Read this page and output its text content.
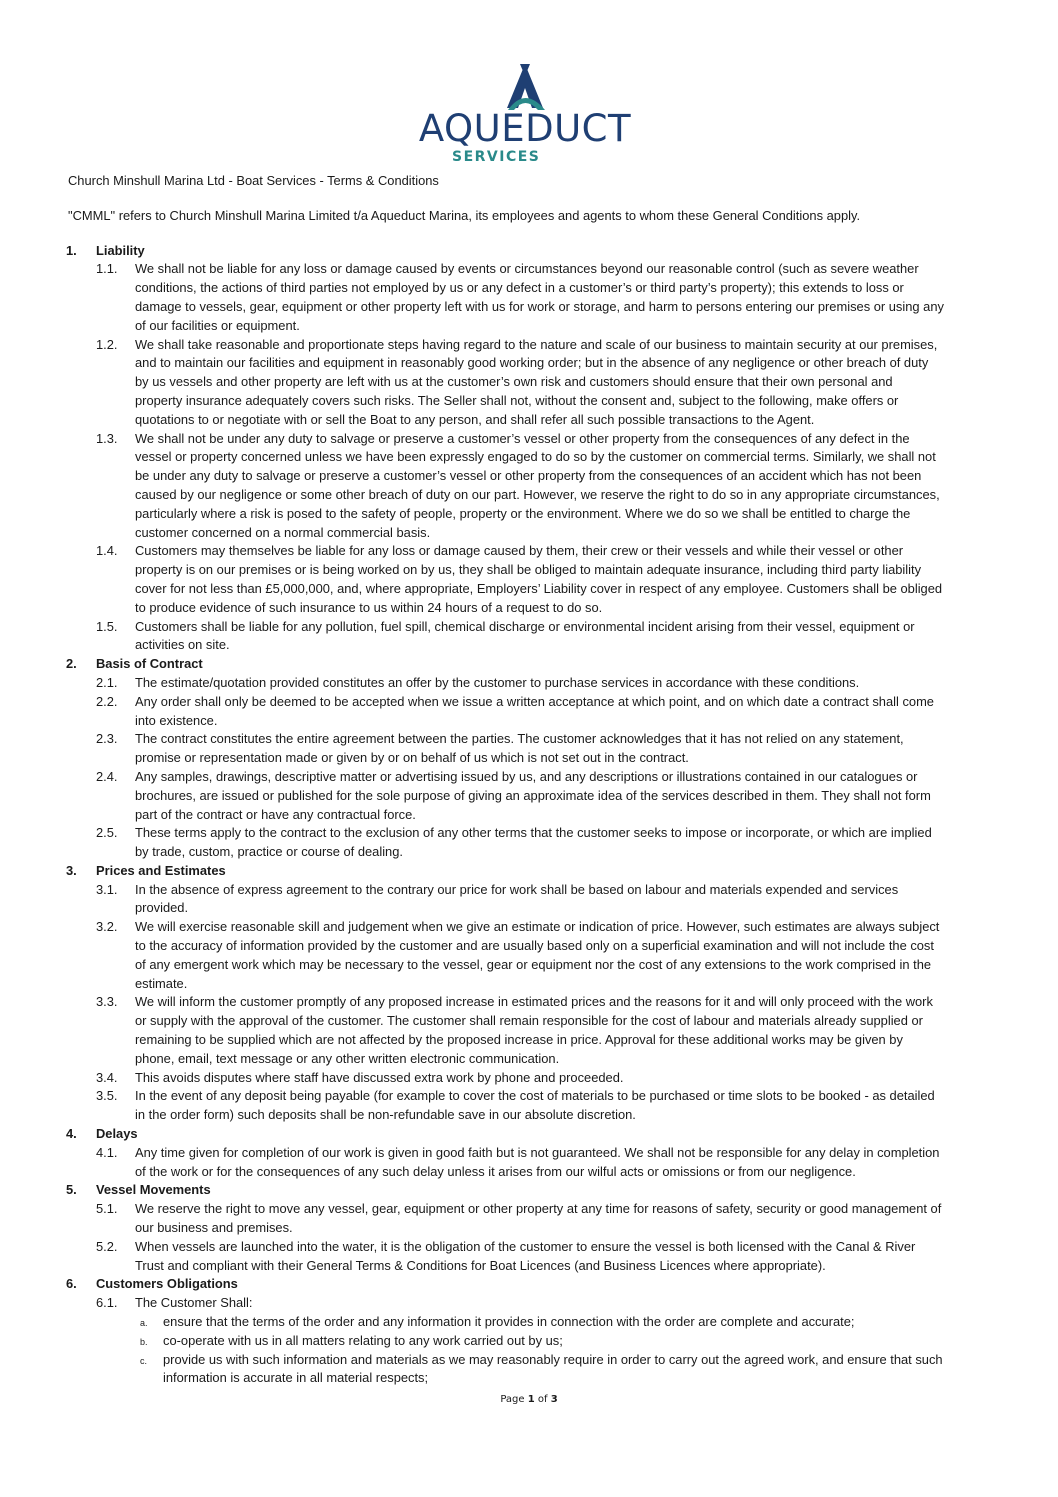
AQUEDUCT
SERVICES

Church Minshull Marina Ltd - Boat Services - Terms & Conditions

"CMML" refers to Church Minshull Marina Limited t/a Aqueduct Marina, its employees and agents to whom these General Conditions apply.

1. Liability
1.1. We shall not be liable for any loss or damage caused by events or circumstances beyond our reasonable control (such as severe weather
conditions, the actions of third parties not employed by us or any defect in a customer’s or third party’s property); this extends to loss or
damage to vessels, gear, equipment or other property left with us for work or storage, and harm to persons entering our premises or using any
of our facilities or equipment.
1.2. We shall take reasonable and proportionate steps having regard to the nature and scale of our business to maintain security at our premises,
and to maintain our facilities and equipment in reasonably good working order; but in the absence of any negligence or other breach of duty
by us vessels and other property are left with us at the customer’s own risk and customers should ensure that their own personal and
property insurance adequately covers such risks. The Seller shall not, without the consent and, subject to the following, make offers or
quotations to or negotiate with or sell the Boat to any person, and shall refer all such possible transactions to the Agent.
1.3. We shall not be under any duty to salvage or preserve a customer’s vessel or other property from the consequences of any defect in the
vessel or property concerned unless we have been expressly engaged to do so by the customer on commercial terms. Similarly, we shall not
be under any duty to salvage or preserve a customer’s vessel or other property from the consequences of an accident which has not been
caused by our negligence or some other breach of duty on our part. However, we reserve the right to do so in any appropriate circumstances,
particularly where a risk is posed to the safety of people, property or the environment. Where we do so we shall be entitled to charge the
customer concerned on a normal commercial basis.
1.4. Customers may themselves be liable for any loss or damage caused by them, their crew or their vessels and while their vessel or other
property is on our premises or is being worked on by us, they shall be obliged to maintain adequate insurance, including third party liability
cover for not less than £5,000,000, and, where appropriate, Employers’ Liability cover in respect of any employee. Customers shall be obliged
to produce evidence of such insurance to us within 24 hours of a request to do so.
1.5. Customers shall be liable for any pollution, fuel spill, chemical discharge or environmental incident arising from their vessel, equipment or
activities on site.
2. Basis of Contract
2.1. The estimate/quotation provided constitutes an offer by the customer to purchase services in accordance with these conditions.
2.2. Any order shall only be deemed to be accepted when we issue a written acceptance at which point, and on which date a contract shall come
into existence.
2.3. The contract constitutes the entire agreement between the parties. The customer acknowledges that it has not relied on any statement,
promise or representation made or given by or on behalf of us which is not set out in the contract.
2.4. Any samples, drawings, descriptive matter or advertising issued by us, and any descriptions or illustrations contained in our catalogues or
brochures, are issued or published for the sole purpose of giving an approximate idea of the services described in them. They shall not form
part of the contract or have any contractual force.
2.5. These terms apply to the contract to the exclusion of any other terms that the customer seeks to impose or incorporate, or which are implied
by trade, custom, practice or course of dealing.
3. Prices and Estimates
3.1. In the absence of express agreement to the contrary our price for work shall be based on labour and materials expended and services
provided.
3.2. We will exercise reasonable skill and judgement when we give an estimate or indication of price. However, such estimates are always subject
to the accuracy of information provided by the customer and are usually based only on a superficial examination and will not include the cost
of any emergent work which may be necessary to the vessel, gear or equipment nor the cost of any extensions to the work comprised in the
estimate.
3.3. We will inform the customer promptly of any proposed increase in estimated prices and the reasons for it and will only proceed with the work
or supply with the approval of the customer. The customer shall remain responsible for the cost of labour and materials already supplied or
remaining to be supplied which are not affected by the proposed increase in price. Approval for these additional works may be given by
phone, email, text message or any other written electronic communication.
3.4. This avoids disputes where staff have discussed extra work by phone and proceeded.
3.5. In the event of any deposit being payable (for example to cover the cost of materials to be purchased or time slots to be booked - as detailed
in the order form) such deposits shall be non-refundable save in our absolute discretion.
4. Delays
4.1. Any time given for completion of our work is given in good faith but is not guaranteed. We shall not be responsible for any delay in completion
of the work or for the consequences of any such delay unless it arises from our wilful acts or omissions or from our negligence.
5. Vessel Movements
5.1. We reserve the right to move any vessel, gear, equipment or other property at any time for reasons of safety, security or good management of
our business and premises.
5.2. When vessels are launched into the water, it is the obligation of the customer to ensure the vessel is both licensed with the Canal & River
Trust and compliant with their General Terms & Conditions for Boat Licences (and Business Licences where appropriate).
6. Customers Obligations
6.1. The Customer Shall:
a. ensure that the terms of the order and any information it provides in connection with the order are complete and accurate;
b. co-operate with us in all matters relating to any work carried out by us;
c. provide us with such information and materials as we may reasonably require in order to carry out the agreed work, and ensure that such
information is accurate in all material respects;
Page 1 of 3
